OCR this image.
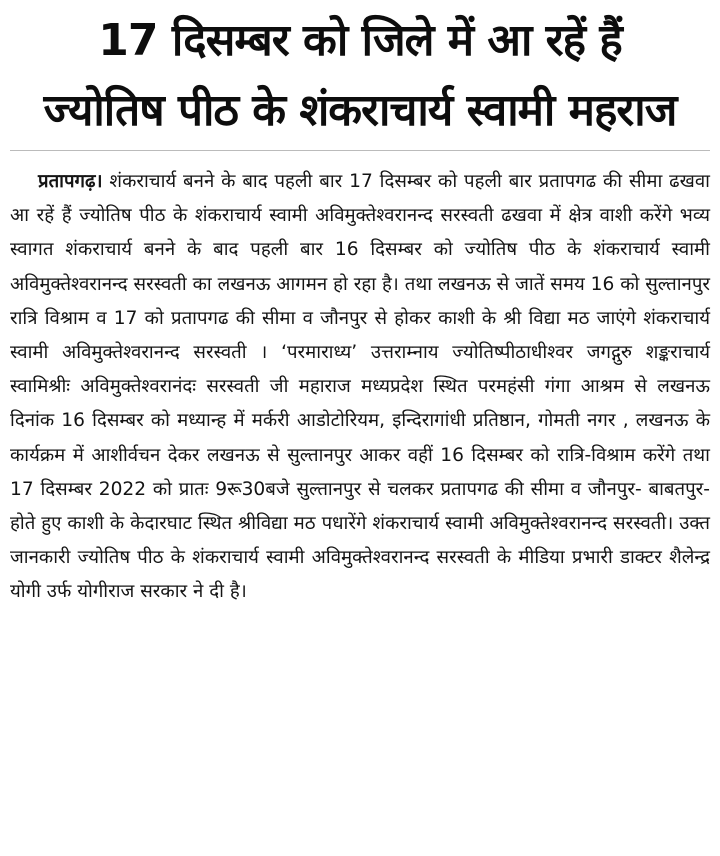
17 दिसम्बर को जिले में आ रहें हैं
ज्योतिष पीठ के शंकराचार्य स्वामी महराज

प्रतापगढ़। शंकराचार्य बनने के बाद पहली बार 17 दिसम्बर को पहली बार प्रतापगढ की सीमा ढखवा आ रहें हैं ज्योतिष पीठ के शंकराचार्य स्वामी अविमुक्तेश्वरानन्द सरस्वती ढखवा में क्षेत्र वाशी करेंगे भव्य स्वागत शंकराचार्य बनने के बाद पहली बार 16 दिसम्बर को ज्योतिष पीठ के शंकराचार्य स्वामी अविमुक्तेश्वरानन्द सरस्वती का लखनऊ आगमन हो रहा है। तथा लखनऊ से जातें समय 16 को सुल्तानपुर रात्रि विश्राम व 17 को प्रतापगढ की सीमा व जौनपुर से होकर काशी के श्री विद्या मठ जाएंगे शंकराचार्य स्वामी अविमुक्तेश्वरानन्द सरस्वती । ‘परमाराध्य’ उत्तराम्नाय ज्योतिष्पीठाधीश्वर जगद्गुरु शङ्कराचार्य स्वामिश्रीः अविमुक्तेश्वरानंदः सरस्वती जी महाराज मध्यप्रदेश स्थित परमहंसी गंगा आश्रम से लखनऊ दिनांक 16 दिसम्बर को मध्यान्ह में मर्करी आडोटोरियम, इन्दिरागांधी प्रतिष्ठान, गोमती नगर , लखनऊ के कार्यक्रम में आशीर्वचन देकर लखनऊ से सुल्तानपुर आकर वहीं 16 दिसम्बर को रात्रि-विश्राम करेंगे तथा 17 दिसम्बर 2022 को प्रातः 9रू30बजे सुल्तानपुर से चलकर प्रतापगढ की सीमा व जौनपुर- बाबतपुर- होते हुए काशी के केदारघाट स्थित श्रीविद्या मठ पधारेंगे शंकराचार्य स्वामी अविमुक्तेश्वरानन्द सरस्वती। उक्त जानकारी ज्योतिष पीठ के शंकराचार्य स्वामी अविमुक्तेश्वरानन्द सरस्वती के मीडिया प्रभारी डाक्टर शैलेन्द्र
योगी उर्फ योगीराज सरकार ने दी है।
